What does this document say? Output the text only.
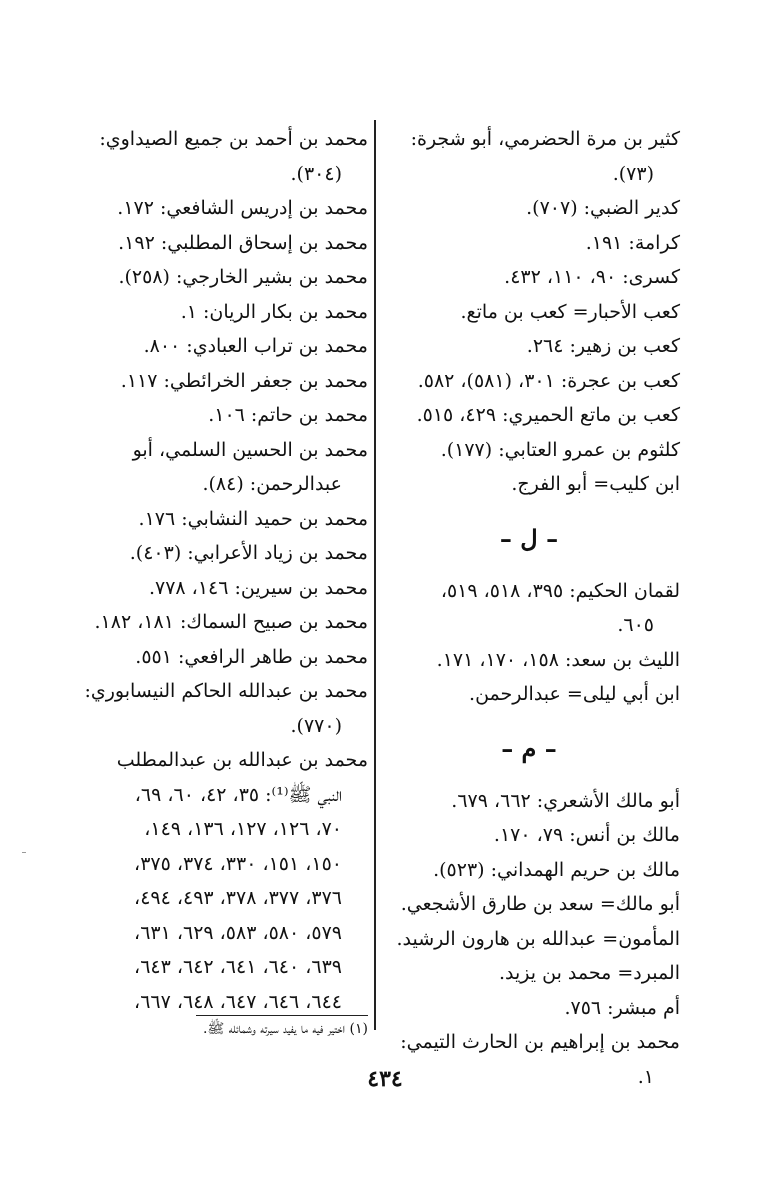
كثير بن مرة الحضرمي، أبو شجرة:
(٧٣).
كدير الضبي: (٧٠٧).
كرامة: ١٩١.
كسرى: ٩٠، ١١٠، ٤٣٢.
كعب الأحبار= كعب بن ماتع.
كعب بن زهير: ٢٦٤.
كعب بن عجرة: ٣٠١، (٥٨١)، ٥٨٢.
كعب بن ماتع الحميري: ٤٢٩، ٥١٥.
كلثوم بن عمرو العتابي: (١٧٧).
ابن كليب= أبو الفرج.
– ل –
لقمان الحكيم: ٣٩٥، ٥١٨، ٥١٩،
٦٠٥.
الليث بن سعد: ١٥٨، ١٧٠، ١٧١.
ابن أبي ليلى= عبدالرحمن.
– م –
أبو مالك الأشعري: ٦٦٢، ٦٧٩.
مالك بن أنس: ٧٩، ١٧٠.
مالك بن حريم الهمداني: (٥٢٣).
أبو مالك= سعد بن طارق الأشجعي.
المأمون= عبدالله بن هارون الرشيد.
المبرد= محمد بن يزيد.
أم مبشر: ٧٥٦.
محمد بن إبراهيم بن الحارث التيمي:
١.
محمد بن أحمد بن جميع الصيداوي:
(٣٠٤).
محمد بن إدريس الشافعي: ١٧٢.
محمد بن إسحاق المطلبي: ١٩٢.
محمد بن بشير الخارجي: (٢٥٨).
محمد بن بكار الريان: ١.
محمد بن تراب العبادي: ٨٠٠.
محمد بن جعفر الخرائطي: ١١٧.
محمد بن حاتم: ١٠٦.
محمد بن الحسين السلمي، أبو
عبدالرحمن: (٨٤).
محمد بن حميد النشابي: ١٧٦.
محمد بن زياد الأعرابي: (٤٠٣).
محمد بن سيرين: ١٤٦، ٧٧٨.
محمد بن صبيح السماك: ١٨١، ١٨٢.
محمد بن طاهر الرافعي: ٥٥١.
محمد بن عبدالله الحاكم النيسابوري:
(٧٧٠).
محمد بن عبدالله بن عبدالمطلب
النبي ﷺ⁽¹⁾: ٣٥، ٤٢، ٦٠، ٦٩،
٧٠، ١٢٦، ١٢٧، ١٣٦، ١٤٩،
١٥٠، ١٥١، ٣٣٠، ٣٧٤، ٣٧٥،
٣٧٦، ٣٧٧، ٣٧٨، ٤٩٣، ٤٩٤،
٥٧٩، ٥٨٠، ٥٨٣، ٦٢٩، ٦٣١،
٦٣٩، ٦٤٠، ٦٤١، ٦٤٢، ٦٤٣،
٦٤٤، ٦٤٦، ٦٤٧، ٦٤٨، ٦٦٧،
(١) اختير فيه ما يفيد سيرته وشمائله ﷺ.
٤٣٤
